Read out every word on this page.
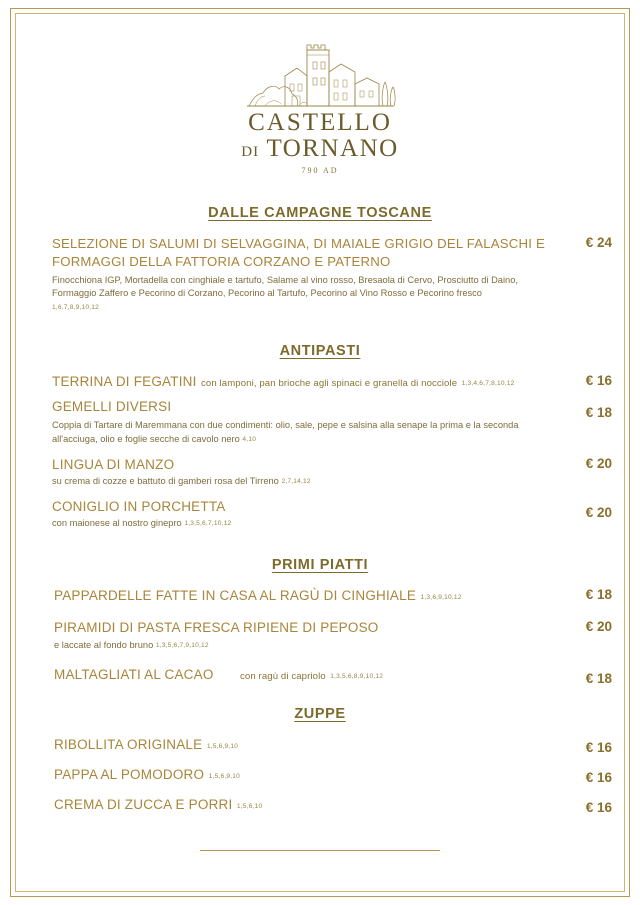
CASTELLO
DI TORNANO
790 AD
DALLE CAMPAGNE TOSCANE
SELEZIONE DI SALUMI DI SELVAGGINA, DI MAIALE GRIGIO DEL FALASCHI E FORMAGGI DELLA FATTORIA CORZANO E PATERNO
€ 24
Finocchiona IGP, Mortadella con cinghiale e tartufo, Salame al vino rosso, Bresaola di Cervo, Prosciutto di Daino, Formaggio Zaffero e Pecorino di Corzano, Pecorino al Tartufo, Pecorino al Vino Rosso e Pecorino fresco 1,6,7,8,9,10,12
ANTIPASTI
TERRINA DI FEGATINI con lamponi, pan brioche agli spinaci e granella di nocciole 1,3,4,6,7,8,10,12	€ 16
GEMELLI DIVERSI	€ 18
Coppia di Tartare di Maremmana con due condimenti: olio, sale, pepe e salsina alla senape la prima e la seconda all'acciuga, olio e foglie secche di cavolo nero 4,10
LINGUA DI MANZO	€ 20
su crema di cozze e battuto di gamberi rosa del Tirreno 2,7,14,12
CONIGLIO IN PORCHETTA	€ 20
con maionese al nostro ginepro 1,3,5,6,7,10,12
PRIMI PIATTI
PAPPARDELLE FATTE IN CASA AL RAGÙ DI CINGHIALE 1,3,6,9,10,12	€ 18
PIRAMIDI DI PASTA FRESCA RIPIENE DI PEPOSO	€ 20
e laccate al fondo bruno 1,3,5,6,7,9,10,12
MALTAGLIATI AL CACAO	con ragù di capriolo 1,3,5,6,8,9,10,12	€ 18
ZUPPE
RIBOLLITA ORIGINALE 1,5,6,9,10	€ 16
PAPPA AL POMODORO 1,5,6,9,10	€ 16
CREMA DI ZUCCA E PORRI 1,5,6,10	€ 16
